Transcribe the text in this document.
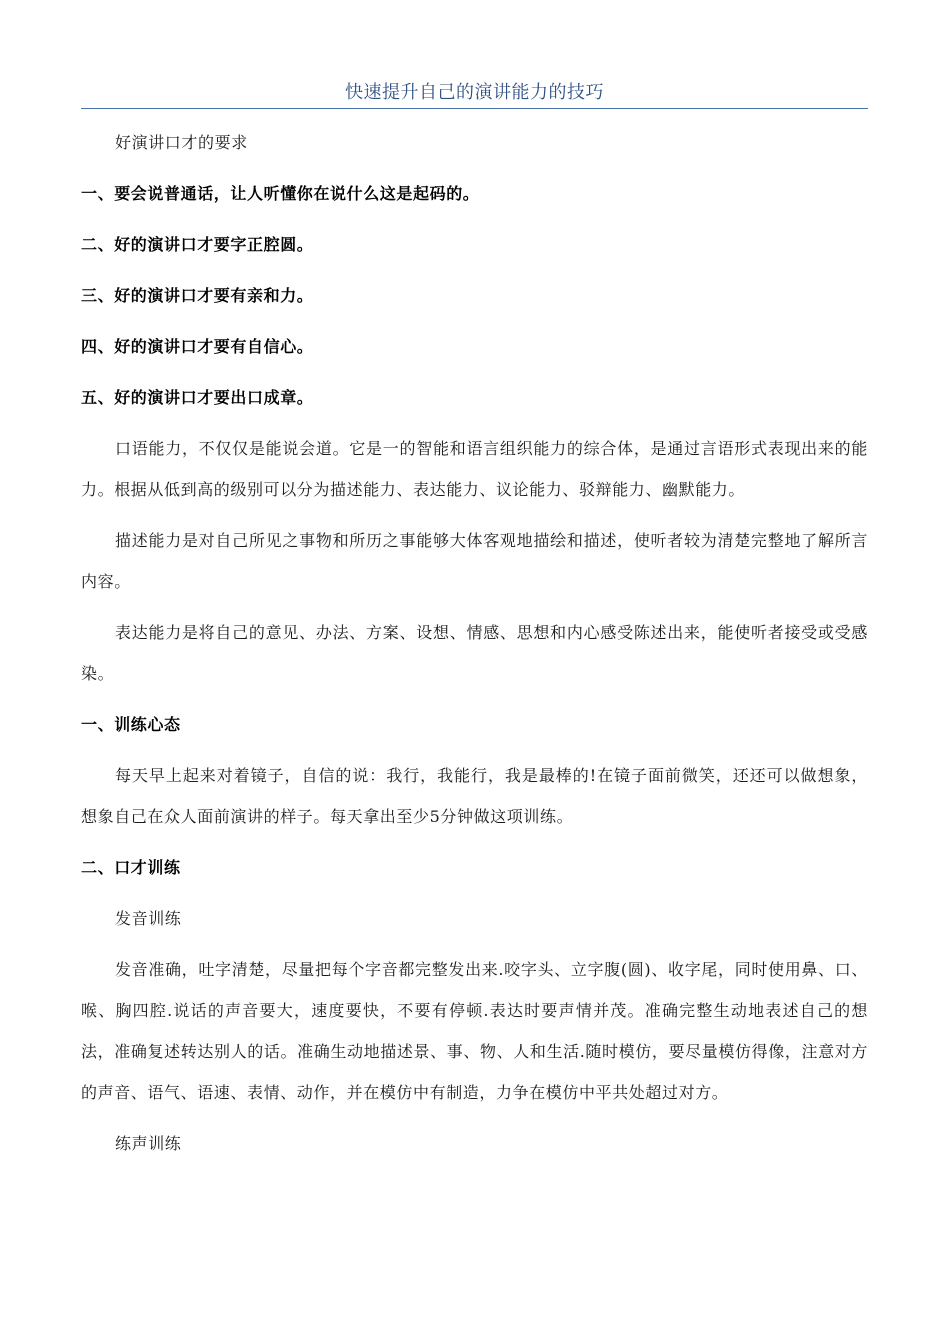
快速提升自己的演讲能力的技巧

好演讲口才的要求

一、要会说普通话，让人听懂你在说什么这是起码的。

二、好的演讲口才要字正腔圆。

三、好的演讲口才要有亲和力。

四、好的演讲口才要有自信心。

五、好的演讲口才要出口成章。

口语能力，不仅仅是能说会道。它是一的智能和语言组织能力的综合体，是通过言语形式表现出来的能力。根据从低到高的级别可以分为描述能力、表达能力、议论能力、驳辩能力、幽默能力。

描述能力是对自己所见之事物和所历之事能够大体客观地描绘和描述，使听者较为清楚完整地了解所言内容。

表达能力是将自己的意见、办法、方案、设想、情感、思想和内心感受陈述出来，能使听者接受或受感染。

一、训练心态

每天早上起来对着镜子，自信的说：我行，我能行，我是最棒的!在镜子面前微笑，还还可以做想象，想象自己在众人面前演讲的样子。每天拿出至少5分钟做这项训练。

二、口才训练

发音训练

发音准确，吐字清楚，尽量把每个字音都完整发出来.咬字头、立字腹(圆)、收字尾，同时使用鼻、口、喉、胸四腔.说话的声音要大，速度要快，不要有停顿.表达时要声情并茂。准确完整生动地表述自己的想法，准确复述转达别人的话。准确生动地描述景、事、物、人和生活.随时模仿，要尽量模仿得像，注意对方的声音、语气、语速、表情、动作，并在模仿中有制造，力争在模仿中平共处超过对方。

练声训练
